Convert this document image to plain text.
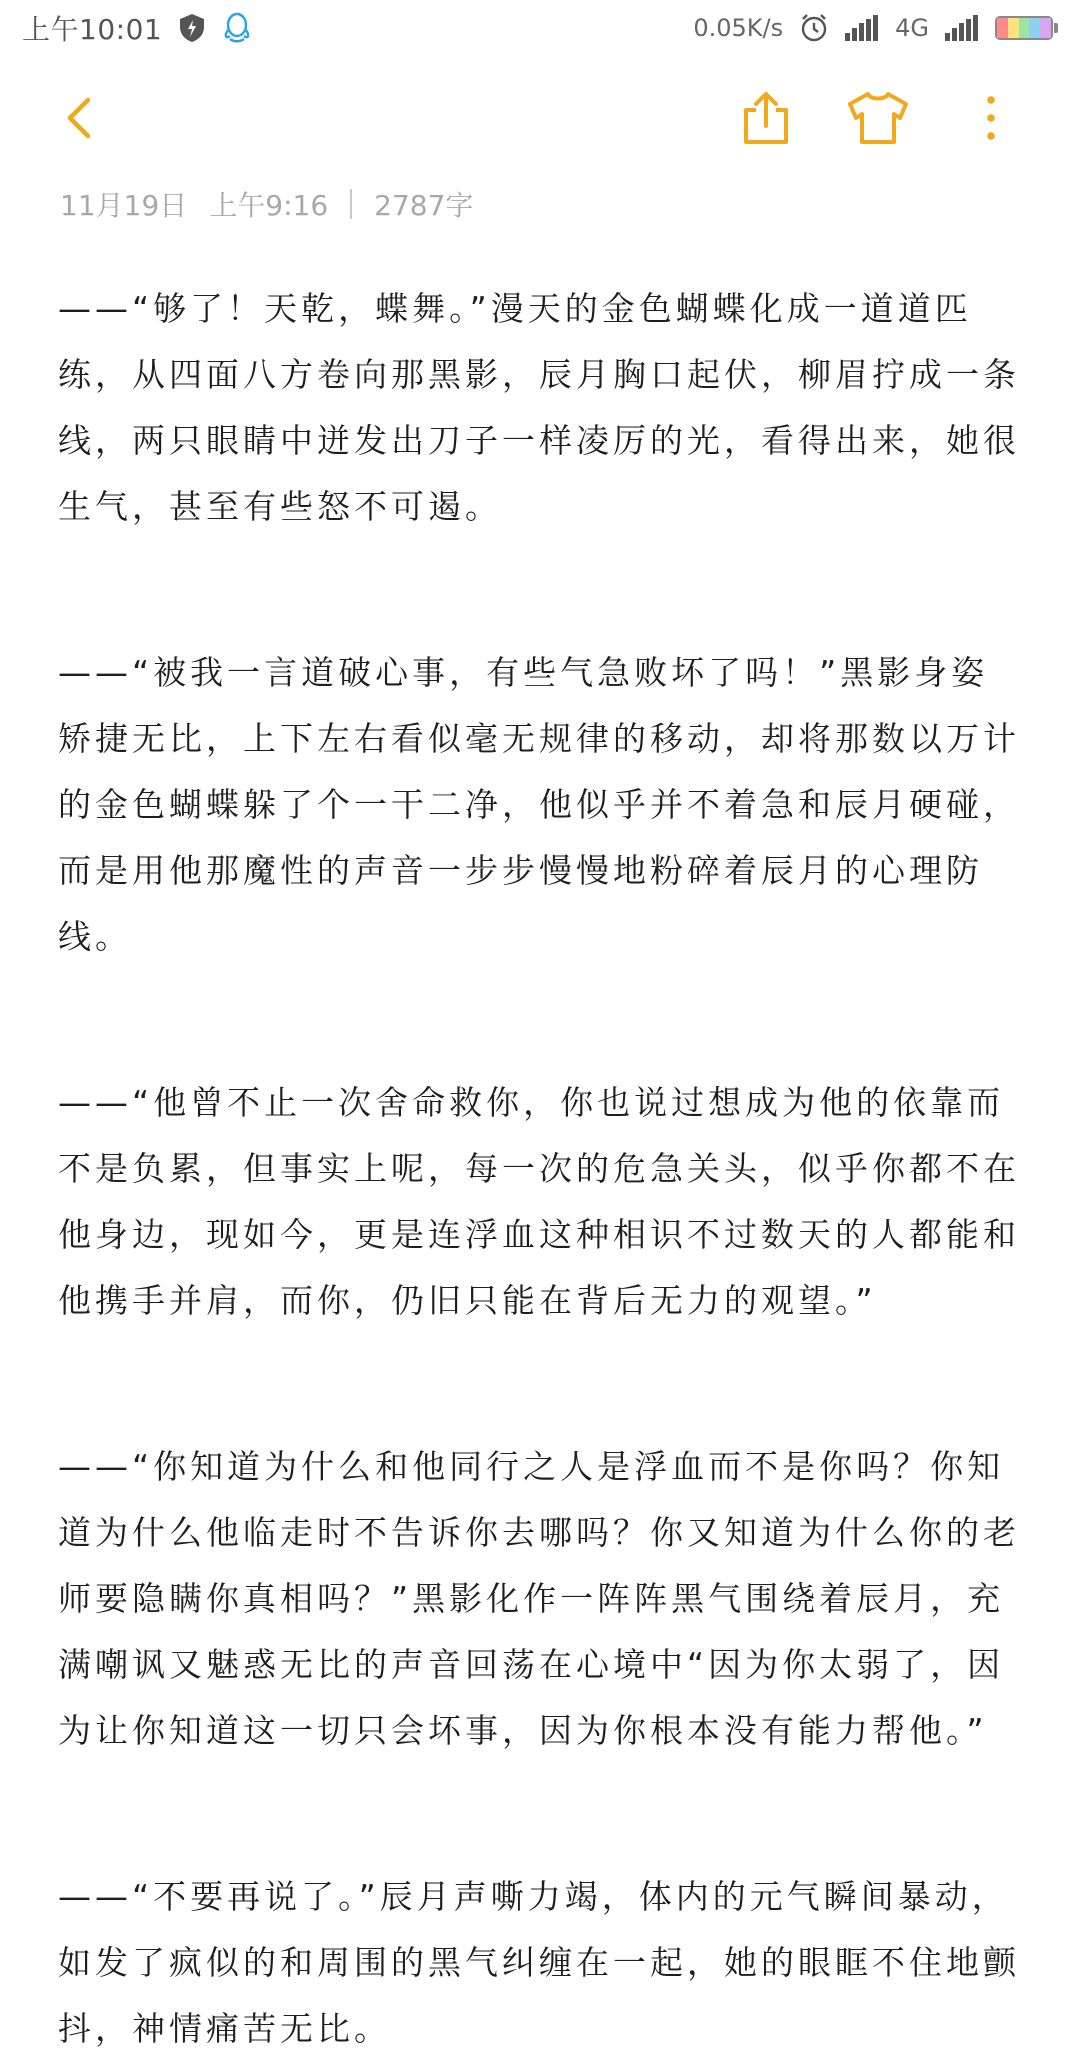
上午10:01	0.05K/s	4G
11月19日 上午9:16 2787字

——“够了！天乾，蝶舞。”漫天的金色蝴蝶化成一道道匹练，从四面八方卷向那黑影，辰月胸口起伏，柳眉拧成一条线，两只眼睛中迸发出刀子一样凌厉的光，看得出来，她很生气，甚至有些怒不可遏。

——“被我一言道破心事，有些气急败坏了吗！”黑影身姿矫捷无比，上下左右看似毫无规律的移动，却将那数以万计的金色蝴蝶躲了个一干二净，他似乎并不着急和辰月硬碰，而是用他那魔性的声音一步步慢慢地粉碎着辰月的心理防线。

——“他曾不止一次舍命救你，你也说过想成为他的依靠而不是负累，但事实上呢，每一次的危急关头，似乎你都不在他身边，现如今，更是连浮血这种相识不过数天的人都能和他携手并肩，而你，仍旧只能在背后无力的观望。”

——“你知道为什么和他同行之人是浮血而不是你吗？你知道为什么他临走时不告诉你去哪吗？你又知道为什么你的老师要隐瞒你真相吗？”黑影化作一阵阵黑气围绕着辰月，充满嘲讽又魅惑无比的声音回荡在心境中“因为你太弱了，因为让你知道这一切只会坏事，因为你根本没有能力帮他。”

——“不要再说了。”辰月声嘶力竭，体内的元气瞬间暴动，如发了疯似的和周围的黑气纠缠在一起，她的眼眶不住地颤抖，神情痛苦无比。
